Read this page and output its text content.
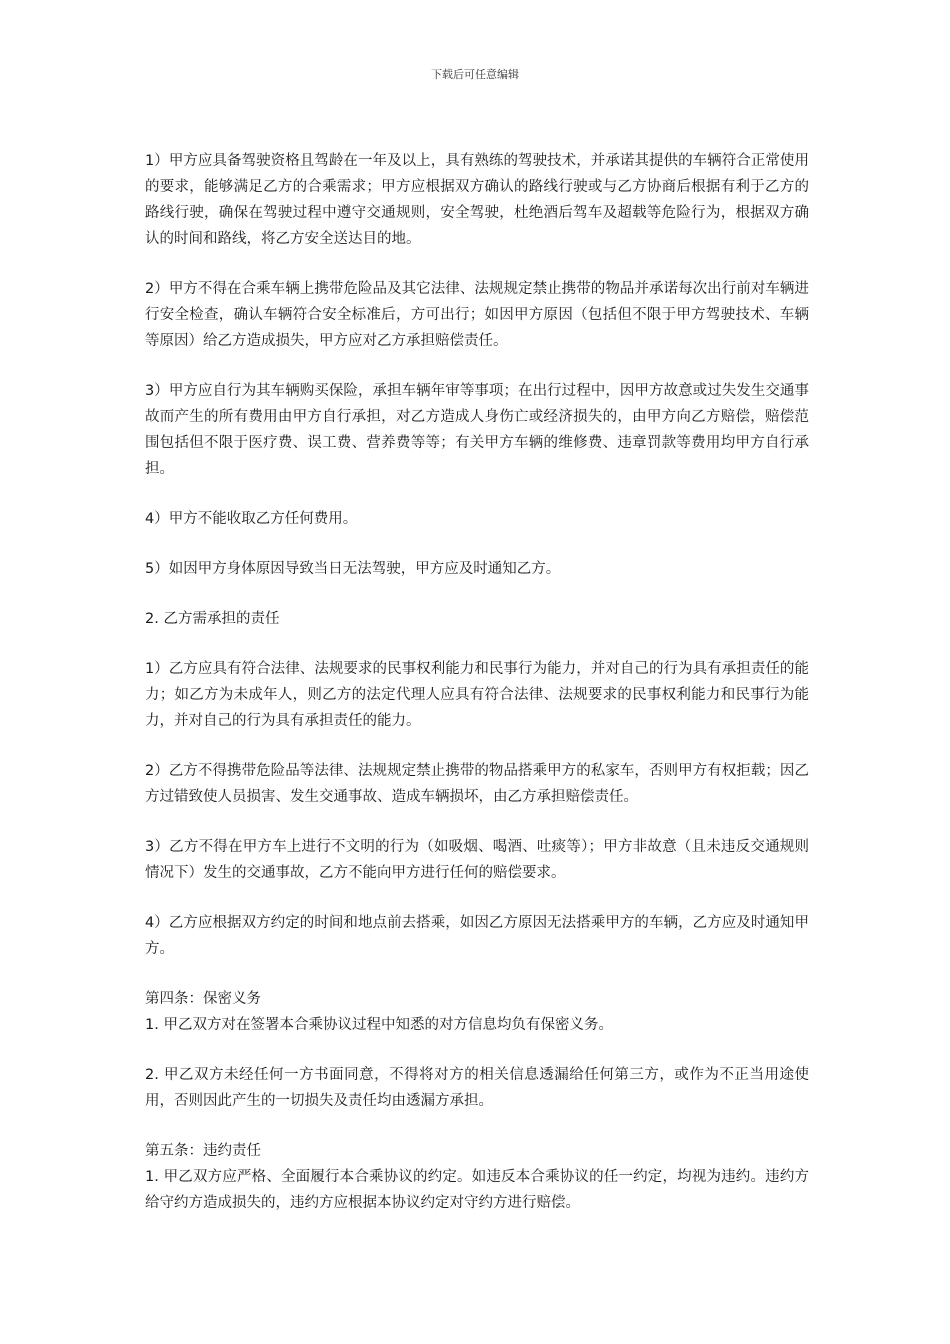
下载后可任意编辑

1）甲方应具备驾驶资格且驾龄在一年及以上，具有熟练的驾驶技术，并承诺其提供的车辆符合正常使用的要求，能够满足乙方的合乘需求；甲方应根据双方确认的路线行驶或与乙方协商后根据有利于乙方的路线行驶，确保在驾驶过程中遵守交通规则，安全驾驶，杜绝酒后驾车及超载等危险行为，根据双方确认的时间和路线，将乙方安全送达目的地。

2）甲方不得在合乘车辆上携带危险品及其它法律、法规规定禁止携带的物品并承诺每次出行前对车辆进行安全检查，确认车辆符合安全标准后，方可出行；如因甲方原因（包括但不限于甲方驾驶技术、车辆等原因）给乙方造成损失，甲方应对乙方承担赔偿责任。

3）甲方应自行为其车辆购买保险，承担车辆年审等事项；在出行过程中，因甲方故意或过失发生交通事故而产生的所有费用由甲方自行承担，对乙方造成人身伤亡或经济损失的，由甲方向乙方赔偿，赔偿范围包括但不限于医疗费、误工费、营养费等等；有关甲方车辆的维修费、违章罚款等费用均甲方自行承担。

4）甲方不能收取乙方任何费用。

5）如因甲方身体原因导致当日无法驾驶，甲方应及时通知乙方。

2. 乙方需承担的责任

1）乙方应具有符合法律、法规要求的民事权利能力和民事行为能力，并对自己的行为具有承担责任的能力；如乙方为未成年人，则乙方的法定代理人应具有符合法律、法规要求的民事权利能力和民事行为能力，并对自己的行为具有承担责任的能力。

2）乙方不得携带危险品等法律、法规规定禁止携带的物品搭乘甲方的私家车，否则甲方有权拒载；因乙方过错致使人员损害、发生交通事故、造成车辆损坏，由乙方承担赔偿责任。

3）乙方不得在甲方车上进行不文明的行为（如吸烟、喝酒、吐痰等）；甲方非故意（且未违反交通规则情况下）发生的交通事故，乙方不能向甲方进行任何的赔偿要求。

4）乙方应根据双方约定的时间和地点前去搭乘，如因乙方原因无法搭乘甲方的车辆，乙方应及时通知甲方。

第四条：保密义务

1. 甲乙双方对在签署本合乘协议过程中知悉的对方信息均负有保密义务。

2. 甲乙双方未经任何一方书面同意，不得将对方的相关信息透漏给任何第三方，或作为不正当用途使用，否则因此产生的一切损失及责任均由透漏方承担。

第五条：违约责任

1. 甲乙双方应严格、全面履行本合乘协议的约定。如违反本合乘协议的任一约定，均视为违约。违约方给守约方造成损失的，违约方应根据本协议约定对守约方进行赔偿。
